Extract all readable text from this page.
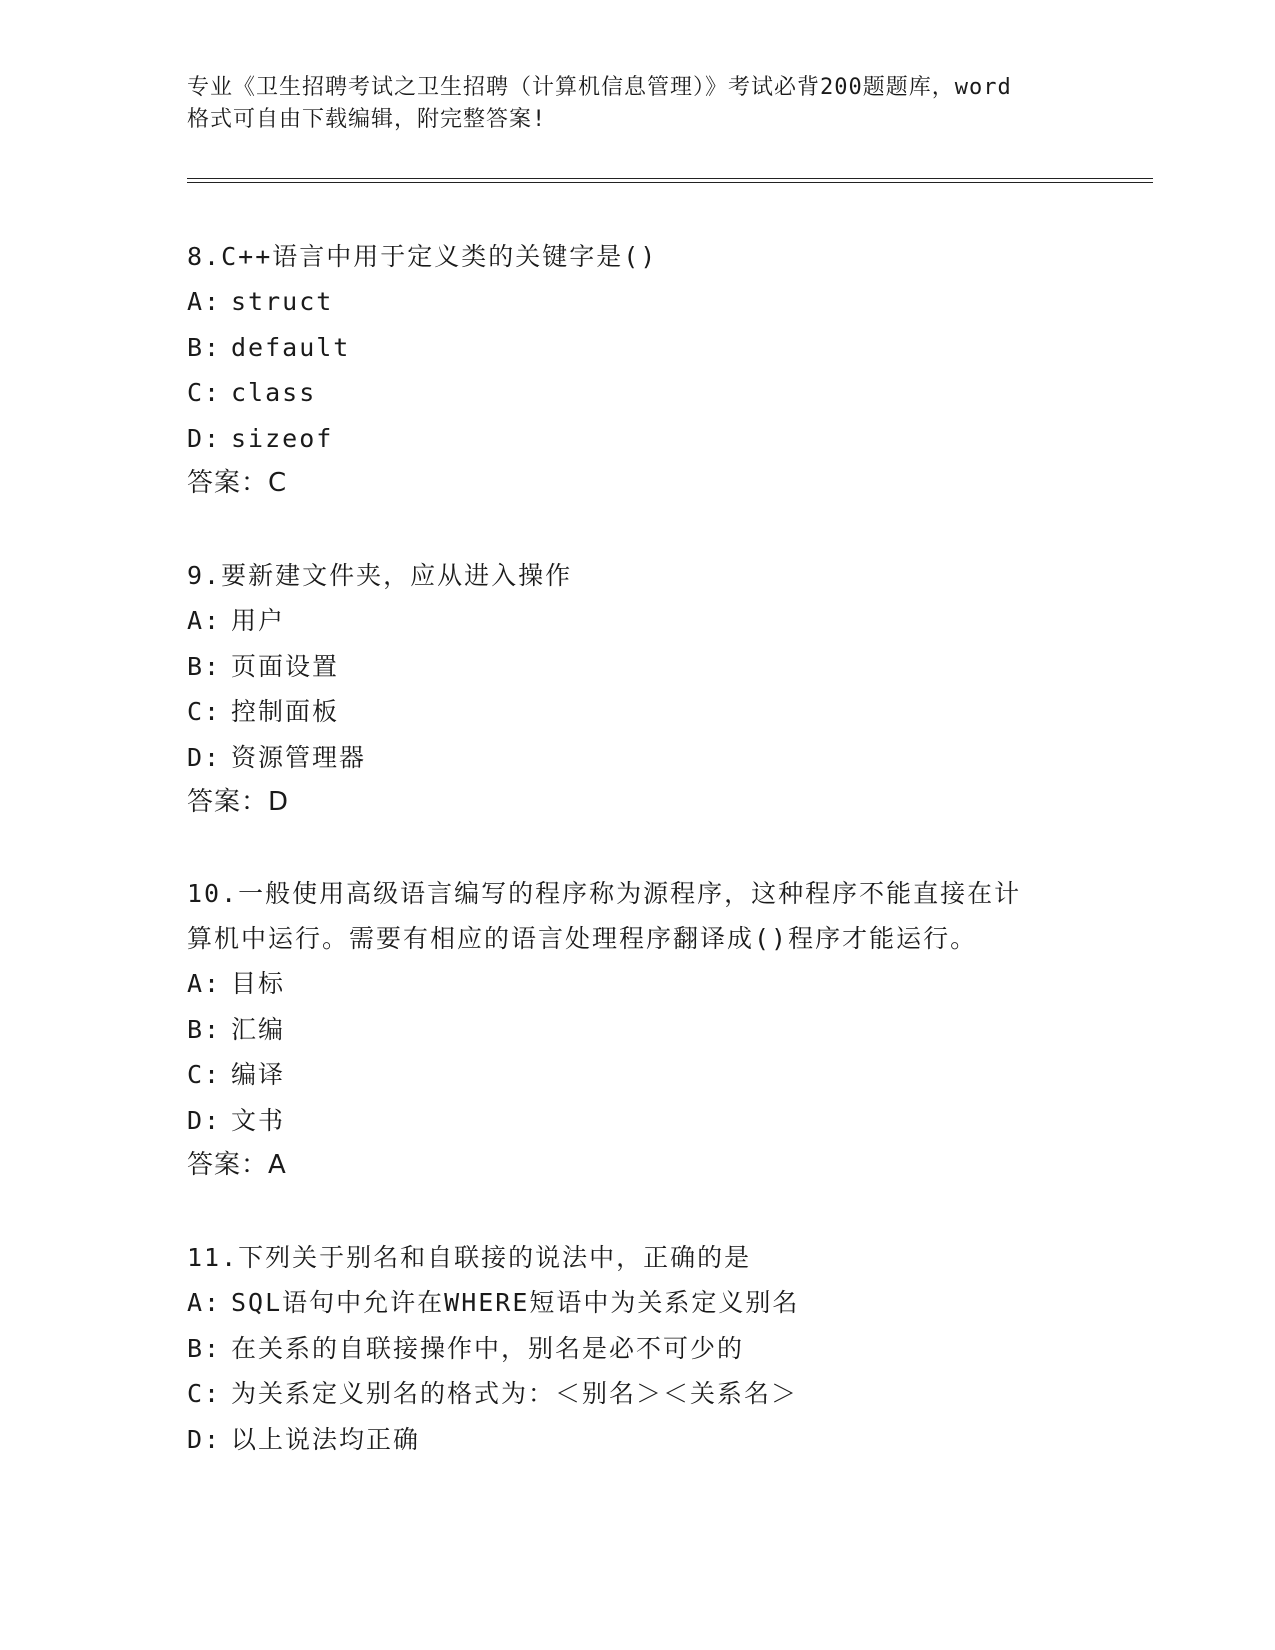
专业《卫生招聘考试之卫生招聘（计算机信息管理）》考试必背200题题库，word
格式可自由下载编辑，附完整答案!

8.C++语言中用于定义类的关键字是()

A: struct

B: default

C: class

D: sizeof

答案：C

9.要新建文件夹，应从进入操作

A: 用户

B: 页面设置

C: 控制面板

D: 资源管理器

答案：D

10.一般使用高级语言编写的程序称为源程序，这种程序不能直接在计

算机中运行。需要有相应的语言处理程序翻译成()程序才能运行。

A: 目标

B: 汇编

C: 编译

D: 文书

答案：A

11.下列关于别名和自联接的说法中，正确的是

A: SQL语句中允许在WHERE短语中为关系定义别名

B: 在关系的自联接操作中，别名是必不可少的

C: 为关系定义别名的格式为：＜别名＞＜关系名＞

D: 以上说法均正确
